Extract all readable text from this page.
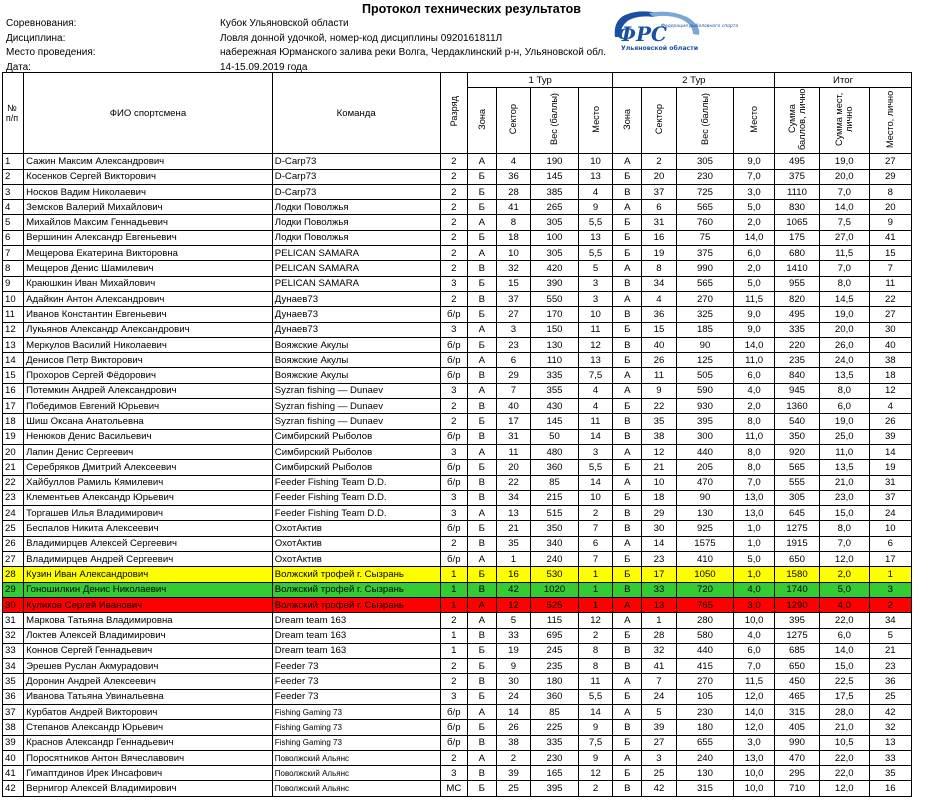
Протокол технических результатов
Соревнования:	Кубок Ульяновской области
Дисциплина:	Ловля донной удочкой, номер-код дисциплины 0920161811Л
Место проведения:	набережная Юрманского залива реки Волга, Чердаклинский р-н, Ульяновской обл.
Дата:	14-15.09.2019 года
ФРС
Федерация рыболовного спорта
Ульяновской области
№ п/п	ФИО спортсмена	Команда	Разряд	1 Тур				2 Тур				Итог		
				Зона	Сектор	Вес (баллы)	Место	Зона	Сектор	Вес (баллы)	Место	Сумма баллов, лично	Сумма мест, лично	Место, лично
1	Сажин Максим Александрович	D-Carp73	2	А	4	190	10	А	2	305	9,0	495	19,0	27
2	Косенков Сергей Викторович	D-Carp73	2	Б	36	145	13	Б	20	230	7,0	375	20,0	29
3	Носков Вадим Николаевич	D-Carp73	2	Б	28	385	4	В	37	725	3,0	1110	7,0	8
4	Земсков Валерий Михайлович	Лодки Поволжья	2	Б	41	265	9	А	6	565	5,0	830	14,0	20
5	Михайлов Максим Геннадьевич	Лодки Поволжья	2	А	8	305	5,5	Б	31	760	2,0	1065	7,5	9
6	Вершинин Александр Евгеньевич	Лодки Поволжья	2	Б	18	100	13	Б	16	75	14,0	175	27,0	41
7	Мещерова Екатерина Викторовна	PELICAN SAMARA	2	А	10	305	5,5	Б	19	375	6,0	680	11,5	15
8	Мещеров Денис Шамилевич	PELICAN SAMARA	2	В	32	420	5	А	8	990	2,0	1410	7,0	7
9	Краюшкин Иван Михайлович	PELICAN SAMARA	3	Б	15	390	3	В	34	565	5,0	955	8,0	11
10	Адайкин Антон Александрович	Дунаев73	2	В	37	550	3	А	4	270	11,5	820	14,5	22
11	Иванов Константин Евгеньевич	Дунаев73	б/р	Б	27	170	10	В	36	325	9,0	495	19,0	27
12	Лукьянов Александр Александрович	Дунаев73	3	А	3	150	11	Б	15	185	9,0	335	20,0	30
13	Меркулов Василий Николаевич	Вояжские Акулы	б/р	Б	23	130	12	В	40	90	14,0	220	26,0	40
14	Денисов Петр Викторович	Вояжские Акулы	б/р	А	6	110	13	Б	26	125	11,0	235	24,0	38
15	Прохоров Сергей Фёдорович	Вояжские Акулы	б/р	В	29	335	7,5	А	11	505	6,0	840	13,5	18
16	Потемкин Андрей Александрович	Syzran fishing — Dunaev	3	А	7	355	4	А	9	590	4,0	945	8,0	12
17	Победимов Евгений Юрьевич	Syzran fishing — Dunaev	2	В	40	430	4	Б	22	930	2,0	1360	6,0	4
18	Шиш Оксана Анатольевна	Syzran fishing — Dunaev	2	Б	17	145	11	В	35	395	8,0	540	19,0	26
19	Ненюков Денис Васильевич	Симбирский Рыболов	б/р	В	31	50	14	В	38	300	11,0	350	25,0	39
20	Лапин Денис Сергеевич	Симбирский Рыболов	3	А	11	480	3	А	12	440	8,0	920	11,0	14
21	Серебряков Дмитрий Алексеевич	Симбирский Рыболов	б/р	Б	20	360	5,5	Б	21	205	8,0	565	13,5	19
22	Хайбуллов Рамиль Кямилевич	Feeder Fishing Team D.D.	б/р	В	22	85	14	А	10	470	7,0	555	21,0	31
23	Клементьев Александр Юрьевич	Feeder Fishing Team D.D.	3	В	34	215	10	Б	18	90	13,0	305	23,0	37
24	Торгашев Илья Владимирович	Feeder Fishing Team D.D.	3	А	13	515	2	В	29	130	13,0	645	15,0	24
25	Беспалов Никита Алексеевич	ОхотАктив	б/р	Б	21	350	7	В	30	925	1,0	1275	8,0	10
26	Владимирцев Алексей Сергеевич	ОхотАктив	2	В	35	340	6	А	14	1575	1,0	1915	7,0	6
27	Владимирцев Андрей Сергеевич	ОхотАктив	б/р	А	1	240	7	Б	23	410	5,0	650	12,0	17
28	Кузин Иван Александрович	Волжский трофей г. Сызрань	1	Б	16	530	1	Б	17	1050	1,0	1580	2,0	1
29	Гоношилкин Денис Николаевич	Волжский трофей г. Сызрань	1	В	42	1020	1	В	33	720	4,0	1740	5,0	3
30	Куликов Сергей Иванович	Волжский трофей г. Сызрань	1	А	12	525	1	А	13	765	3,0	1290	4,0	2
31	Маркова Татьяна Владимировна	Dream team 163	2	А	5	115	12	А	1	280	10,0	395	22,0	34
32	Локтев Алексей Владимирович	Dream team 163	1	В	33	695	2	Б	28	580	4,0	1275	6,0	5
33	Коннов Сергей Геннадьевич	Dream team 163	1	Б	19	245	8	В	32	440	6,0	685	14,0	21
34	Эрешев Руслан Акмурадович	Feeder 73	2	Б	9	235	8	В	41	415	7,0	650	15,0	23
35	Доронин Андрей Алексеевич	Feeder 73	2	В	30	180	11	А	7	270	11,5	450	22,5	36
36	Иванова Татьяна Увинальевна	Feeder 73	3	Б	24	360	5,5	Б	24	105	12,0	465	17,5	25
37	Курбатов Андрей Викторович	Fishing Gaming 73	б/р	А	14	85	14	А	5	230	14,0	315	28,0	42
38	Степанов Александр Юрьевич	Fishing Gaming 73	б/р	Б	26	225	9	В	39	180	12,0	405	21,0	32
39	Краснов Александр Геннадьевич	Fishing Gaming 73	б/р	В	38	335	7,5	Б	27	655	3,0	990	10,5	13
40	Поросятников Антон Вячеславович	Поволжский Альянс	2	А	2	230	9	А	3	240	13,0	470	22,0	33
41	Гимаптдинов Ирек Инсафович	Поволжский Альянс	3	В	39	165	12	Б	25	130	10,0	295	22,0	35
42	Вернигор Алексей Владимирович	Поволжский Альянс	МС	Б	25	395	2	В	42	315	10,0	710	12,0	16
